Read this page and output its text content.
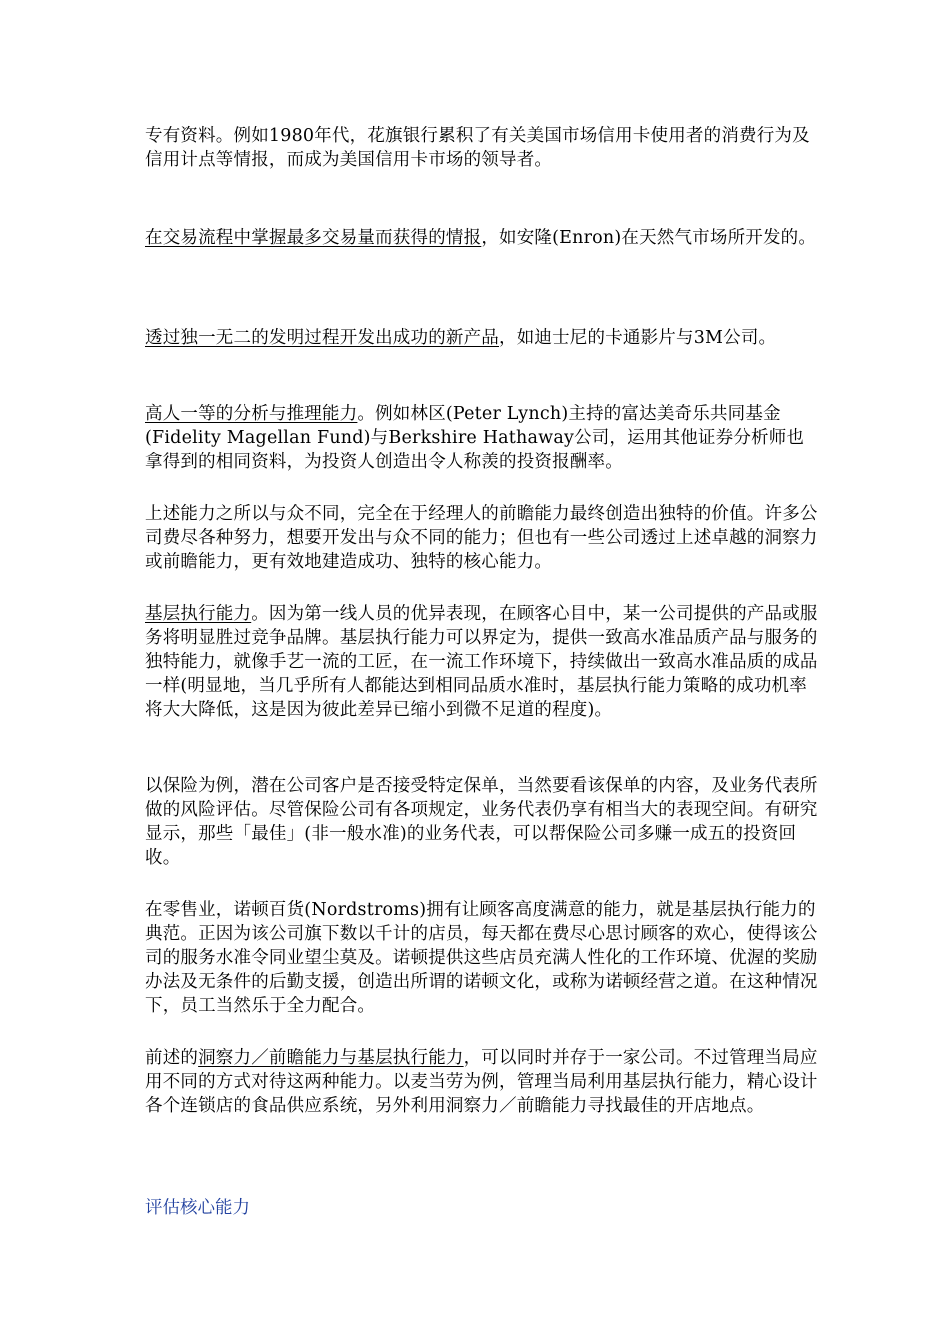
专有资料。例如1980年代，花旗银行累积了有关美国市场信用卡使用者的消费行为及信用计点等情报，而成为美国信用卡市场的领导者。

在交易流程中掌握最多交易量而获得的情报，如安隆(Enron)在天然气市场所开发的。

透过独一无二的发明过程开发出成功的新产品，如迪士尼的卡通影片与3M公司。

高人一等的分析与推理能力。例如林区(Peter Lynch)主持的富达美奇乐共同基金(Fidelity Magellan Fund)与Berkshire Hathaway公司，运用其他证券分析师也拿得到的相同资料，为投资人创造出令人称羡的投资报酬率。

上述能力之所以与众不同，完全在于经理人的前瞻能力最终创造出独特的价值。许多公司费尽各种努力，想要开发出与众不同的能力；但也有一些公司透过上述卓越的洞察力或前瞻能力，更有效地建造成功、独特的核心能力。

基层执行能力。因为第一线人员的优异表现，在顾客心目中，某一公司提供的产品或服务将明显胜过竞争品牌。基层执行能力可以界定为，提供一致高水准品质产品与服务的独特能力，就像手艺一流的工匠，在一流工作环境下，持续做出一致高水准品质的成品一样(明显地，当几乎所有人都能达到相同品质水准时，基层执行能力策略的成功机率将大大降低，这是因为彼此差异已缩小到微不足道的程度)。

以保险为例，潜在公司客户是否接受特定保单，当然要看该保单的内容，及业务代表所做的风险评估。尽管保险公司有各项规定，业务代表仍享有相当大的表现空间。有研究显示，那些「最佳」(非一般水准)的业务代表，可以帮保险公司多赚一成五的投资回收。

在零售业，诺顿百货(Nordstroms)拥有让顾客高度满意的能力，就是基层执行能力的典范。正因为该公司旗下数以千计的店员，每天都在费尽心思讨顾客的欢心，使得该公司的服务水准令同业望尘莫及。诺顿提供这些店员充满人性化的工作环境、优渥的奖励办法及无条件的后勤支援，创造出所谓的诺顿文化，或称为诺顿经营之道。在这种情况下，员工当然乐于全力配合。

前述的洞察力／前瞻能力与基层执行能力，可以同时并存于一家公司。不过管理当局应用不同的方式对待这两种能力。以麦当劳为例，管理当局利用基层执行能力，精心设计各个连锁店的食品供应系统，另外利用洞察力／前瞻能力寻找最佳的开店地点。

评估核心能力
